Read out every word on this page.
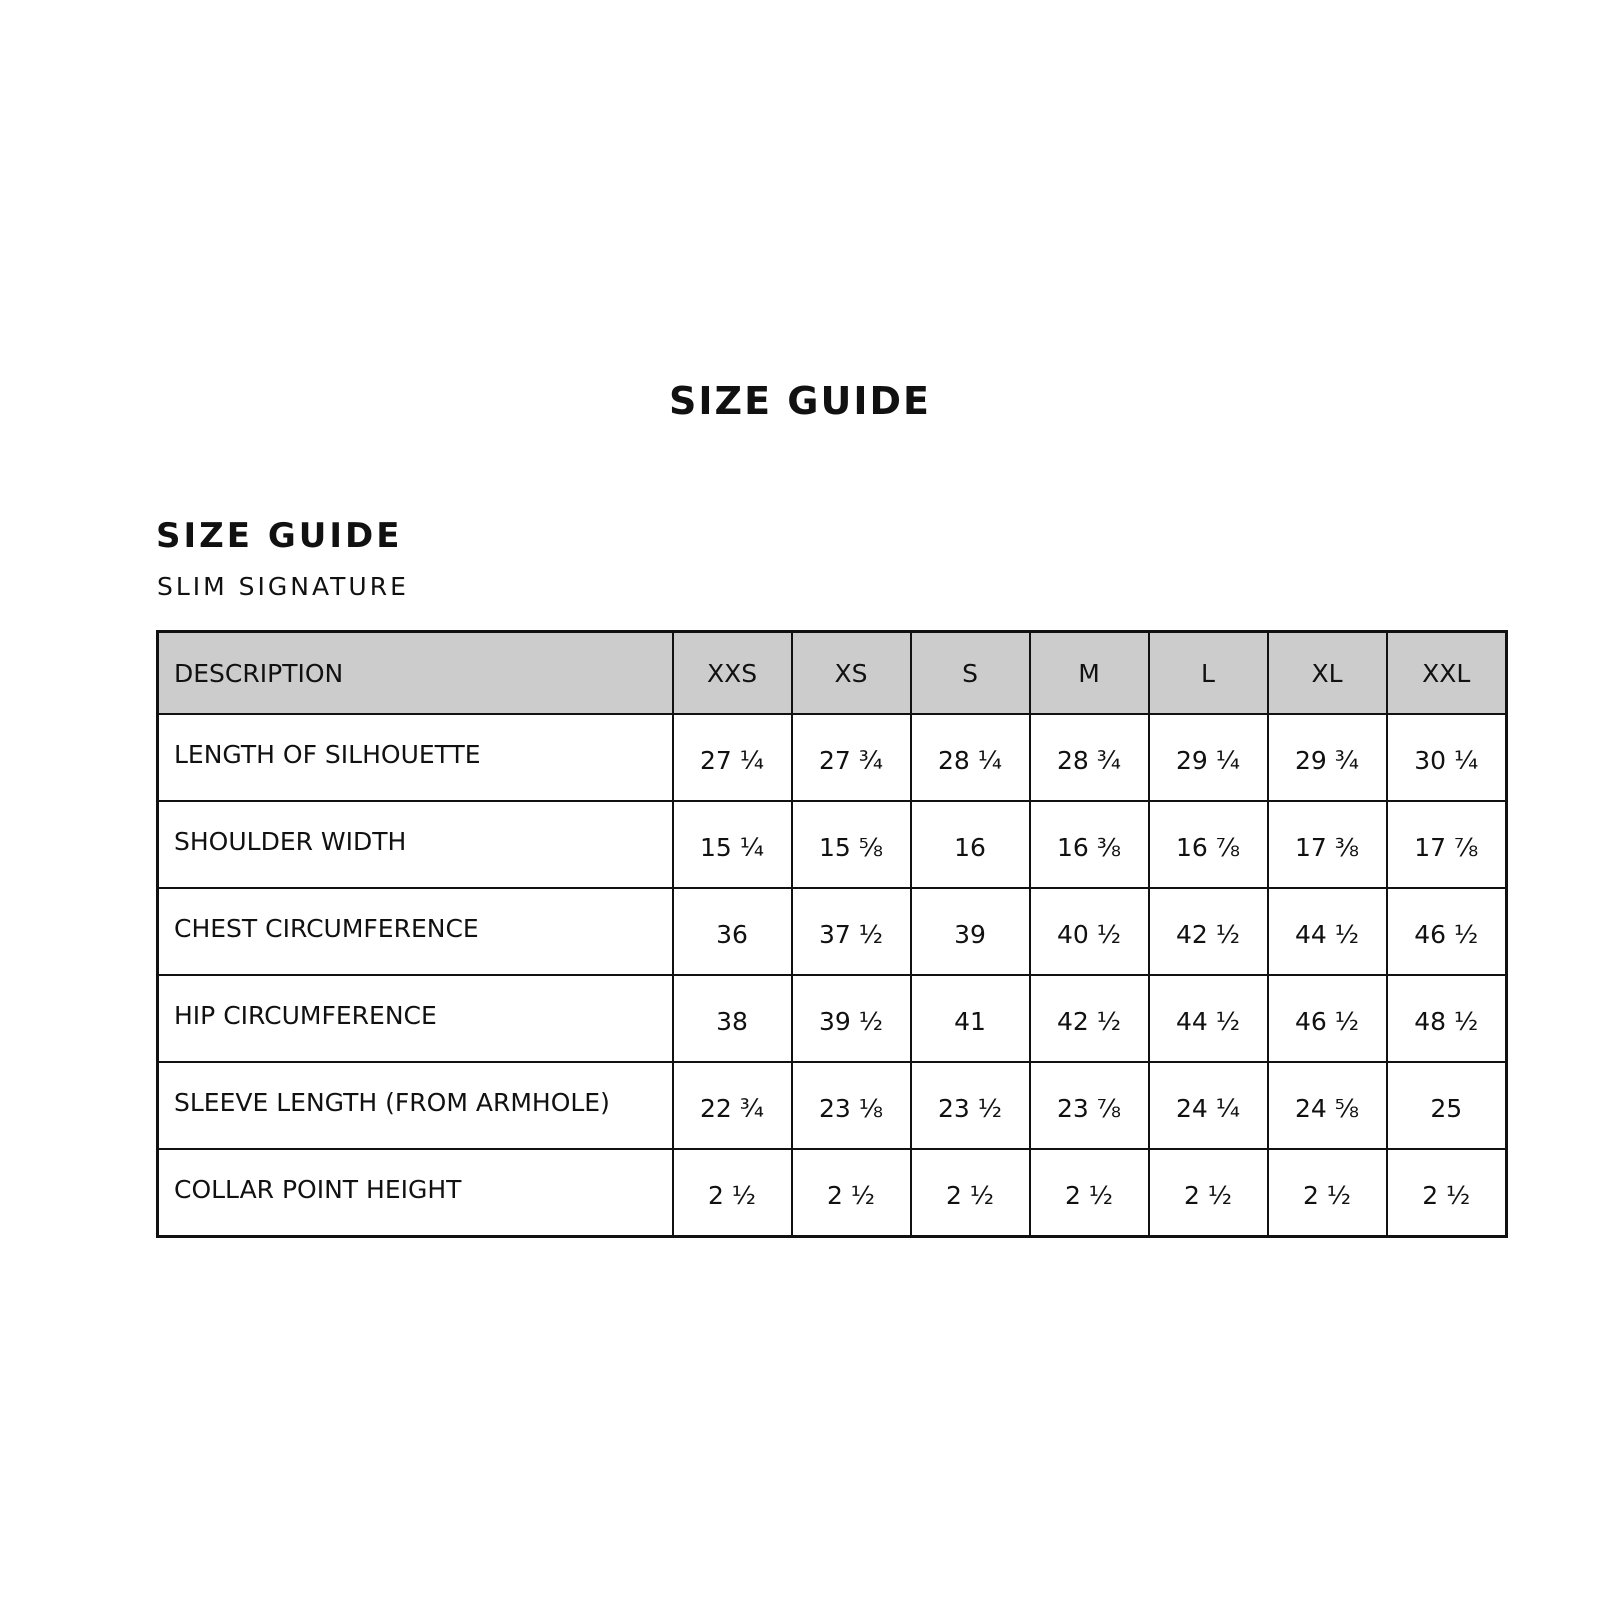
SIZE GUIDE
SIZE GUIDE
SLIM SIGNATURE
DESCRIPTION	XXS	XS	S	M	L	XL	XXL
LENGTH OF SILHOUETTE	27 ¼	27 ¾	28 ¼	28 ¾	29 ¼	29 ¾	30 ¼
SHOULDER WIDTH	15 ¼	15 ⅝	16	16 ⅜	16 ⅞	17 ⅜	17 ⅞
CHEST CIRCUMFERENCE	36	37 ½	39	40 ½	42 ½	44 ½	46 ½
HIP CIRCUMFERENCE	38	39 ½	41	42 ½	44 ½	46 ½	48 ½
SLEEVE LENGTH (FROM ARMHOLE)	22 ¾	23 ⅛	23 ½	23 ⅞	24 ¼	24 ⅝	25
COLLAR POINT HEIGHT	2 ½	2 ½	2 ½	2 ½	2 ½	2 ½	2 ½
